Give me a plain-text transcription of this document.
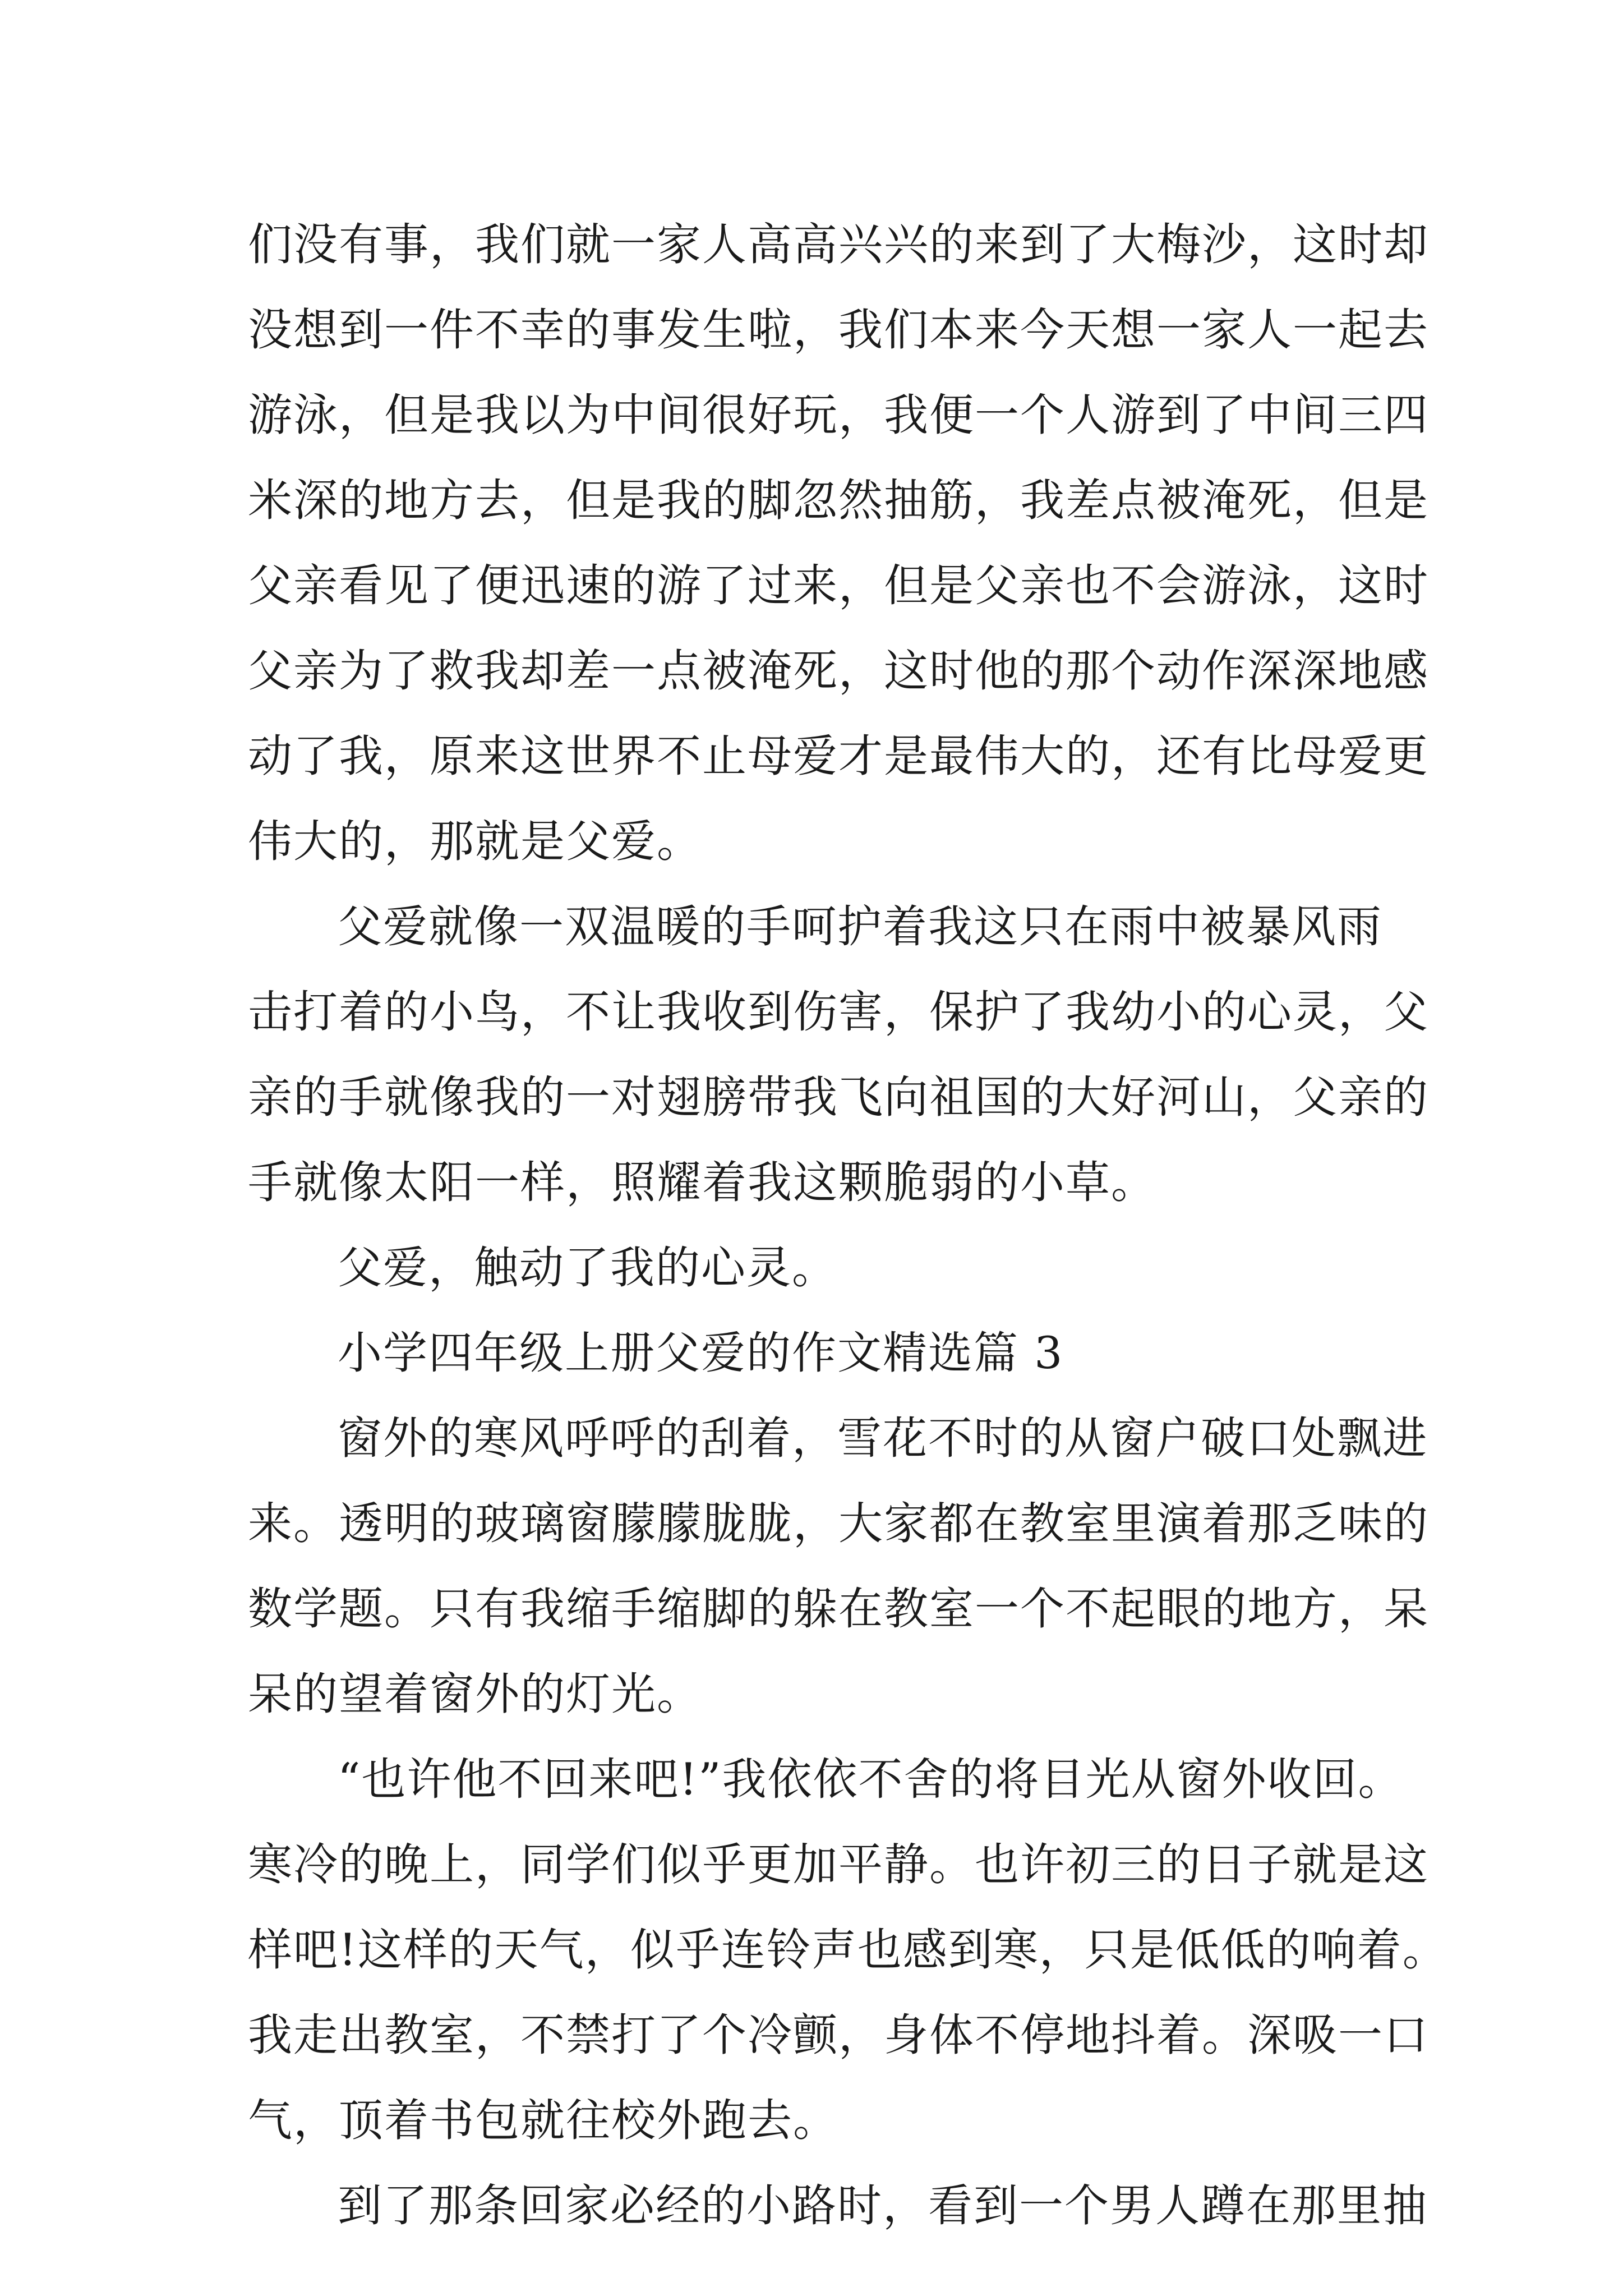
们没有事，我们就一家人高高兴兴的来到了大梅沙，这时却
没想到一件不幸的事发生啦，我们本来今天想一家人一起去
游泳，但是我以为中间很好玩，我便一个人游到了中间三四
米深的地方去，但是我的脚忽然抽筋，我差点被淹死，但是
父亲看见了便迅速的游了过来，但是父亲也不会游泳，这时
父亲为了救我却差一点被淹死，这时他的那个动作深深地感
动了我，原来这世界不止母爱才是最伟大的，还有比母爱更
伟大的，那就是父爱。
父爱就像一双温暖的手呵护着我这只在雨中被暴风雨
击打着的小鸟，不让我收到伤害，保护了我幼小的心灵，父
亲的手就像我的一对翅膀带我飞向祖国的大好河山，父亲的
手就像太阳一样，照耀着我这颗脆弱的小草。
父爱，触动了我的心灵。
小学四年级上册父爱的作文精选篇 3
窗外的寒风呼呼的刮着，雪花不时的从窗户破口处飘进
来。透明的玻璃窗朦朦胧胧，大家都在教室里演着那乏味的
数学题。只有我缩手缩脚的躲在教室一个不起眼的地方，呆
呆的望着窗外的灯光。
“也许他不回来吧!”我依依不舍的将目光从窗外收回。
寒冷的晚上，同学们似乎更加平静。也许初三的日子就是这
样吧!这样的天气，似乎连铃声也感到寒，只是低低的响着。
我走出教室，不禁打了个冷颤，身体不停地抖着。深吸一口
气，顶着书包就往校外跑去。
到了那条回家必经的小路时，看到一个男人蹲在那里抽
